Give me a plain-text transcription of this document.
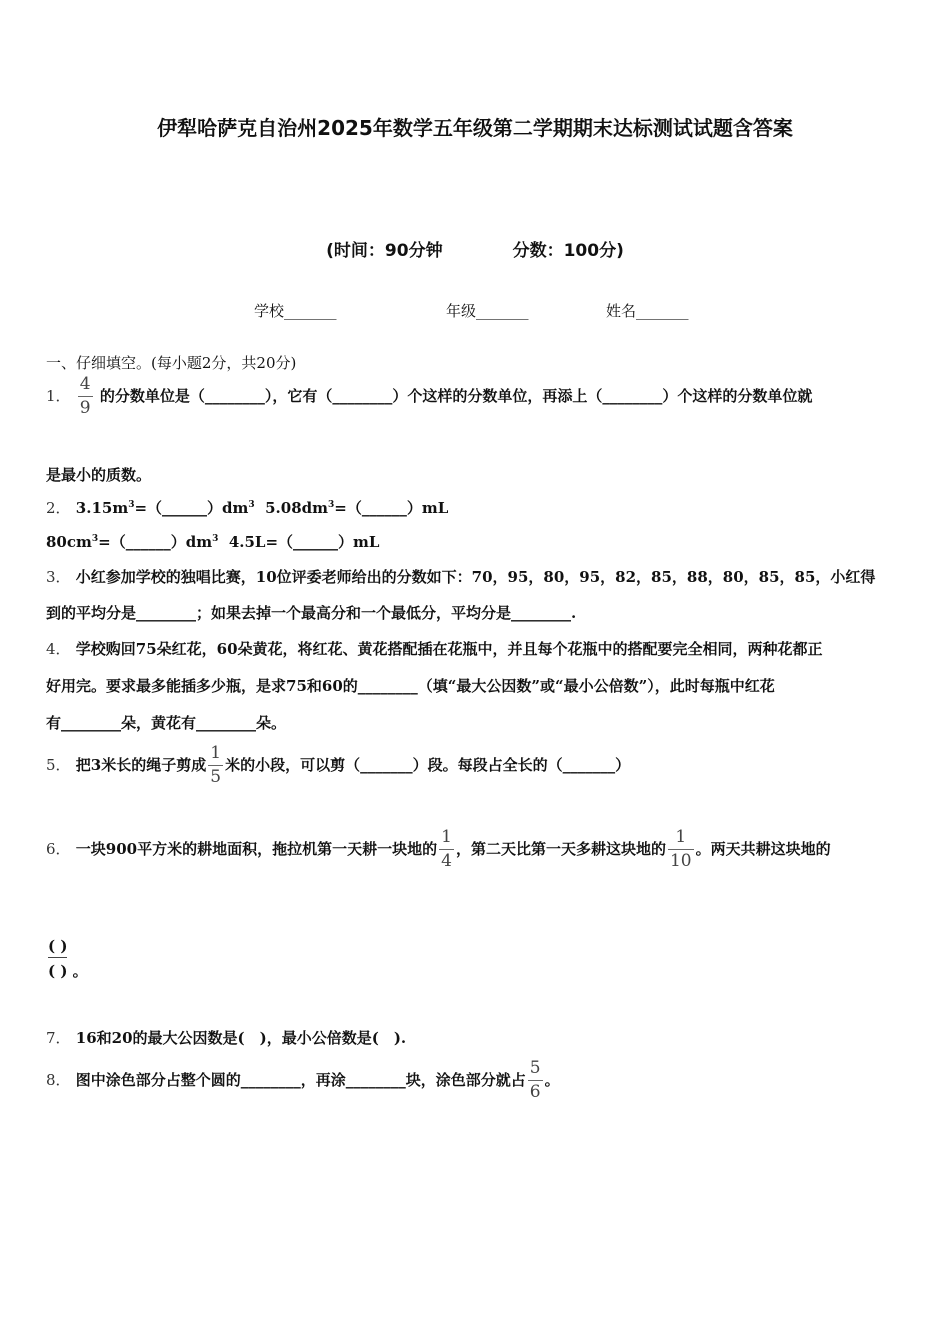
伊犁哈萨克自治州2025年数学五年级第二学期期末达标测试试题含答案
(时间：90分钟	分数：100分)
学校_______	年级_______	姓名_______
一、仔细填空。(每小题2分，共20分)
1． $\frac{4}{9}$ 的分数单位是（________），它有（________）个这样的分数单位，再添上（________）个这样的分数单位就
是最小的质数。
2． $3.15m^3=(\_\_\_\_\_\_)dm^3$ $5.08dm^3=(\_\_\_\_\_\_)mL$
$80cm^3=(\_\_\_\_\_\_)dm^3$ 4.5L=（______）mL
3． 小红参加学校的独唱比赛，10位评委老师给出的分数如下：70，95，80，95，82，85，88，80，85，85，小红得
到的平均分是________；如果去掉一个最高分和一个最低分，平均分是________.
4． 学校购回75朵红花，60朵黄花，将红花、黄花搭配插在花瓶中，并且每个花瓶中的搭配要完全相同，两种花都正
好用完。要求最多能插多少瓶，是求75和60的________（填“最大公因数”或“最小公倍数”），此时每瓶中红花
有________朵，黄花有________朵。
5． 把3米长的绳子剪成 $\frac{1}{5}$ 米的小段，可以剪（_______）段。每段占全长的（_______）
6． 一块900平方米的耕地面积，拖拉机第一天耕一块地的 $\frac{1}{4}$ ，第二天比第一天多耕这块地的 $\frac{1}{10}$ 。两天共耕这块地的
( )
( ) 。
7． 16和20的最大公因数是(　)，最小公倍数是(　).
8． 图中涂色部分占整个圆的________，再涂________块，涂色部分就占 $\frac{5}{6}$ 。
